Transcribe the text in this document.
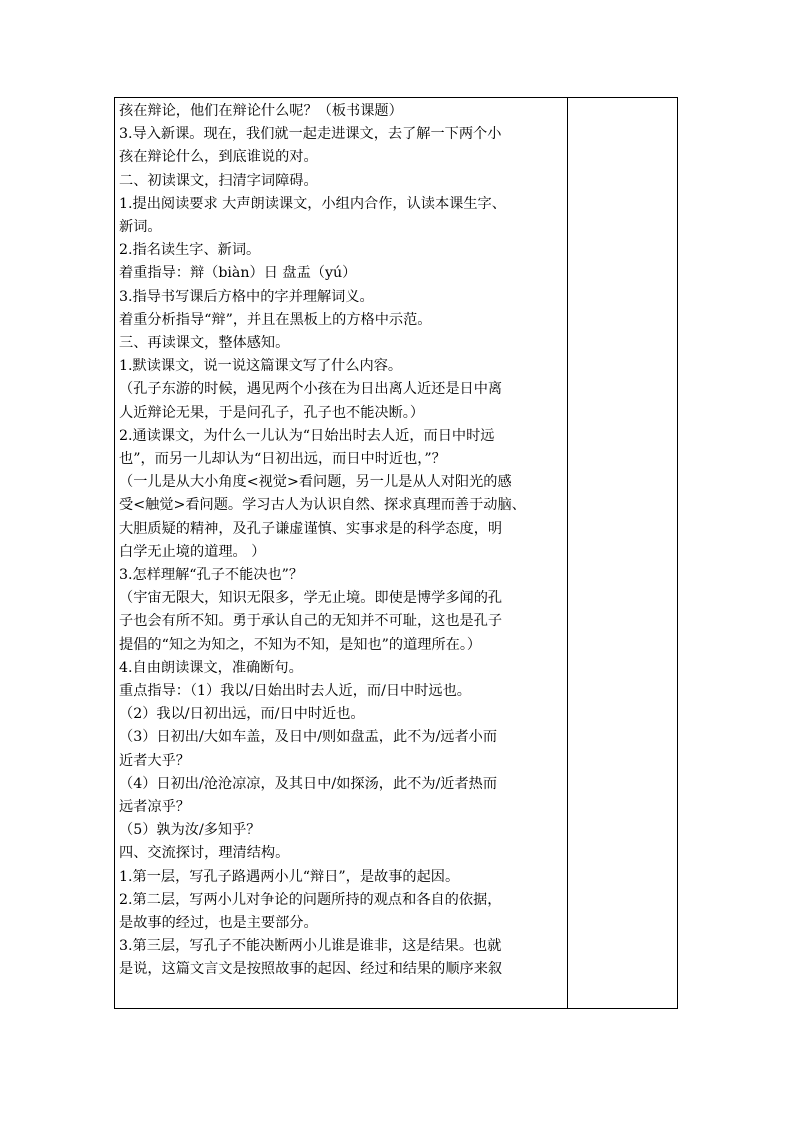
孩在辩论，他们在辩论什么呢？（板书课题）
3.导入新课。现在，我们就一起走进课文，去了解一下两个小
孩在辩论什么，到底谁说的对。
二、初读课文，扫清字词障碍。
1.提出阅读要求 大声朗读课文，小组内合作，认读本课生字、
新词。
2.指名读生字、新词。
着重指导：辩（biàn）日 盘盂（yú）
3.指导书写课后方格中的字并理解词义。
着重分析指导“辩”，并且在黑板上的方格中示范。
三、再读课文，整体感知。
1.默读课文，说一说这篇课文写了什么内容。
（孔子东游的时候，遇见两个小孩在为日出离人近还是日中离
人近辩论无果，于是问孔子，孔子也不能决断。）
2.通读课文，为什么一儿认为“日始出时去人近，而日中时远
也”，而另一儿却认为“日初出远，而日中时近也，”？
（一儿是从大小角度<视觉>看问题，另一儿是从人对阳光的感
受<触觉>看问题。学习古人为认识自然、探求真理而善于动脑、
大胆质疑的精神，及孔子谦虚谨慎、实事求是的科学态度，明
白学无止境的道理。 ）
3.怎样理解“孔子不能决也”？
（宇宙无限大，知识无限多，学无止境。即使是博学多闻的孔
子也会有所不知。勇于承认自己的无知并不可耻，这也是孔子
提倡的“知之为知之，不知为不知，是知也”的道理所在。）
4.自由朗读课文，准确断句。
重点指导：（1）我以/日始出时去人近，而/日中时远也。
（2）我以/日初出远，而/日中时近也。
（3）日初出/大如车盖，及日中/则如盘盂，此不为/远者小而
近者大乎？
（4）日初出/沧沧凉凉，及其日中/如探汤，此不为/近者热而
远者凉乎？
（5）孰为汝/多知乎？
四、交流探讨，理清结构。
1.第一层，写孔子路遇两小儿“辩日”，是故事的起因。
2.第二层，写两小儿对争论的问题所持的观点和各自的依据，
是故事的经过，也是主要部分。
3.第三层，写孔子不能决断两小儿谁是谁非，这是结果。也就
是说，这篇文言文是按照故事的起因、经过和结果的顺序来叙
